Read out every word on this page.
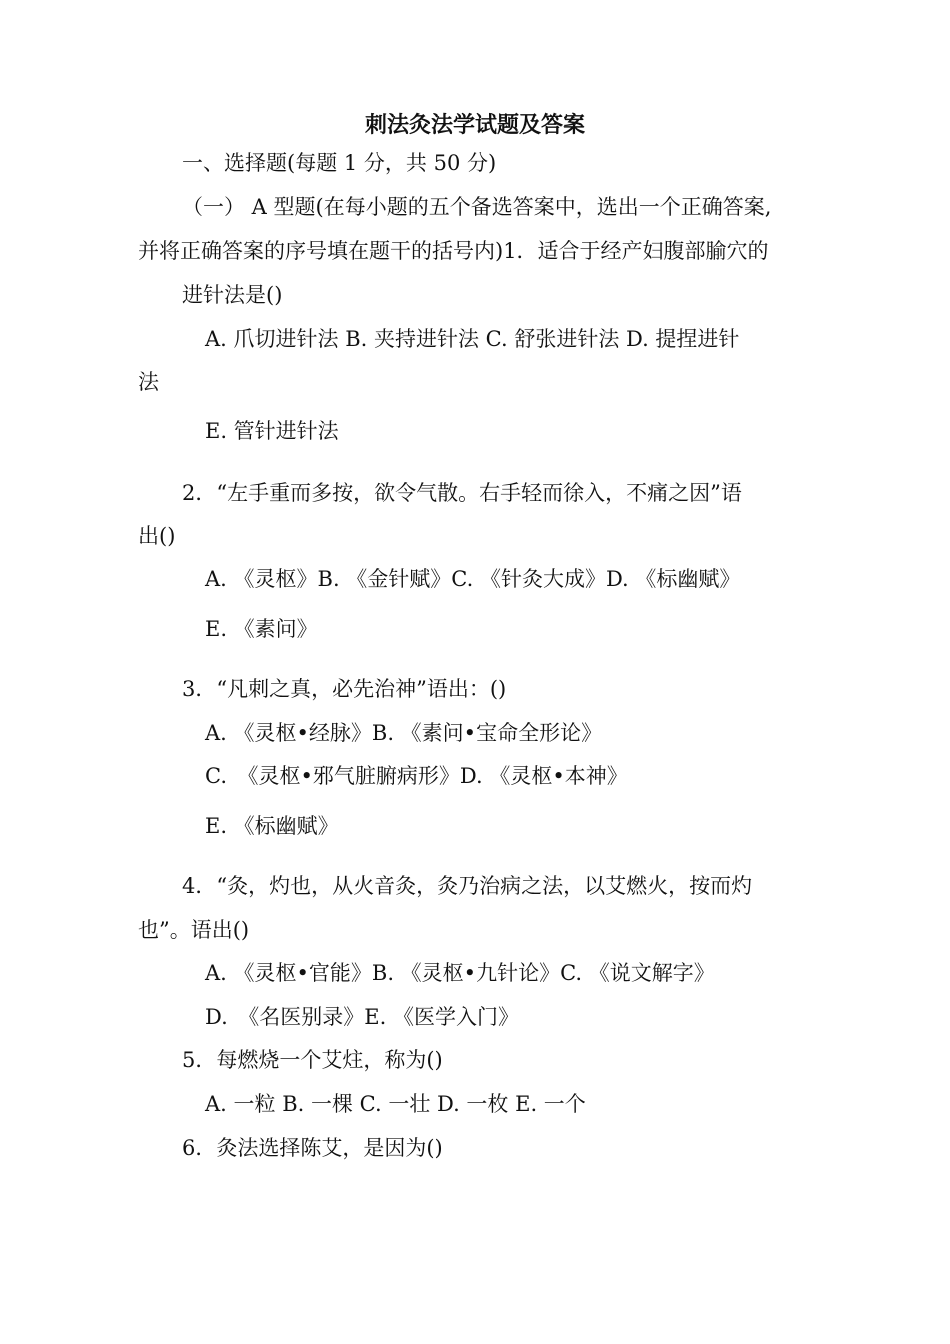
刺法灸法学试题及答案

一、选择题(每题 1 分，共 50 分)

（一） A 型题(在每小题的五个备选答案中，选出一个正确答案,

并将正确答案的序号填在题干的括号内)1．适合于经产妇腹部腧穴的

进针法是()

A. 爪切进针法 B. 夹持进针法 C. 舒张进针法 D. 提捏进针

法

E. 管针进针法

2．“左手重而多按，欲令气散。右手轻而徐入，不痛之因”语

出()

A. 《灵枢》B. 《金针赋》C. 《针灸大成》D. 《标幽赋》

E. 《素问》

3．“凡刺之真，必先治神”语出：()

A. 《灵枢•经脉》B. 《素问•宝命全形论》

C.　《灵枢•邪气脏腑病形》D. 《灵枢•本神》

E. 《标幽赋》

4．“灸，灼也，从火音灸，灸乃治病之法，以艾燃火，按而灼

也”。语出()

A. 《灵枢•官能》B. 《灵枢•九针论》C. 《说文解字》

D.　《名医别录》E. 《医学入门》

5．每燃烧一个艾炷，称为()

A. 一粒 B. 一棵 C. 一壮 D. 一枚 E. 一个

6．灸法选择陈艾，是因为()
